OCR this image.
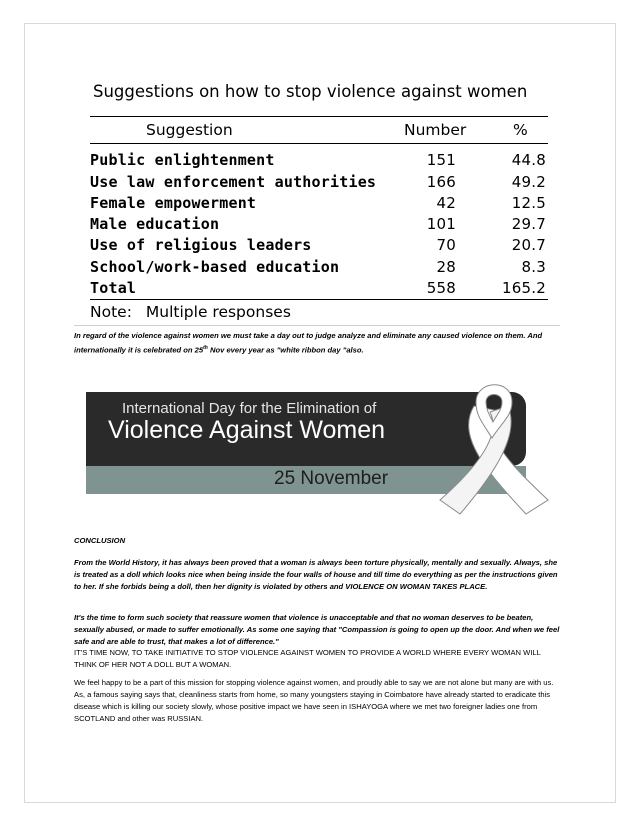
Suggestions on how to stop violence against women
Suggestion	Number	%
Public enlightenment	151	44.8
Use law enforcement authorities	166	49.2
Female empowerment	42	12.5
Male education	101	29.7
Use of religious leaders	70	20.7
School/work-based education	28	8.3
Total	558	165.2
Note: Multiple responses
In regard of the violence against women we must take a day out to judge analyze and eliminate any caused violence on them. And internationally it is celebrated on 25th Nov every year as "white ribbon day "also.
International Day for the Elimination of
Violence Against Women
25 November
CONCLUSION
From the World History, it has always been proved that a woman is always been torture physically, mentally and sexually. Always, she is treated as a doll which looks nice when being inside the four walls of house and till time do everything as per the instructions given to her. If she forbids being a doll, then her dignity is violated by others and VIOLENCE ON WOMAN TAKES PLACE.
It's the time to form such society that reassure women that violence is unacceptable and that no woman deserves to be beaten, sexually abused, or made to suffer emotionally. As some one saying that "Compassion is going to open up the door. And when we feel safe and are able to trust, that makes a lot of difference."
IT'S TIME NOW, TO TAKE INITIATIVE TO STOP VIOLENCE AGAINST WOMEN TO PROVIDE A WORLD WHERE EVERY WOMAN WILL THINK OF HER NOT A DOLL BUT A WOMAN.
We feel happy to be a part of this mission for stopping violence against women, and proudly able to say we are not alone but many are with us. As, a famous saying says that, cleanliness starts from home, so many youngsters staying in Coimbatore have already started to eradicate this disease which is killing our society slowly, whose positive impact we have seen in ISHAYOGA where we met two foreigner ladies one from SCOTLAND and other was RUSSIAN.
